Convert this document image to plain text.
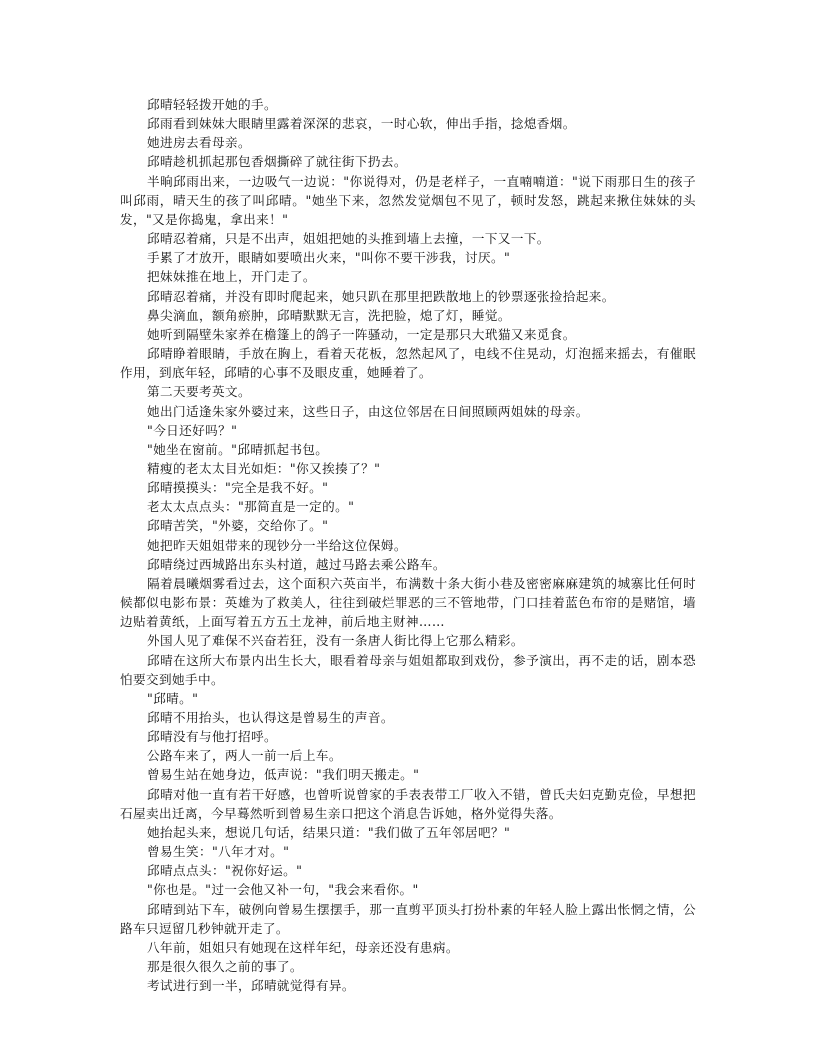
邱晴轻轻拨开她的手。

邱雨看到妹妹大眼睛里露着深深的悲哀，一时心软，伸出手指，捻熄香烟。

她进房去看母亲。

邱晴趁机抓起那包香烟撕碎了就往街下扔去。

半晌邱雨出来，一边吸气一边说："你说得对，仍是老样子，一直喃喃道："说下雨那日生的孩子叫邱雨，晴天生的孩了叫邱晴。"她坐下来，忽然发觉烟包不见了，顿时发怒，跳起来揪住妹妹的头发，"又是你捣鬼，拿出来！"

邱晴忍着痛，只是不出声，姐姐把她的头推到墙上去撞，一下又一下。

手累了才放开，眼睛如要喷出火来，"叫你不要干涉我，讨厌。"

把妹妹推在地上，开门走了。

邱晴忍着痛，并没有即时爬起来，她只趴在那里把跌散地上的钞票逐张捡拾起来。

鼻尖滴血，额角瘀肿，邱晴默默无言，洗把脸，熄了灯，睡觉。

她听到隔壁朱家养在檐篷上的鸽子一阵骚动，一定是那只大玳猫又来觅食。

邱晴睁着眼睛，手放在胸上，看着天花板，忽然起风了，电线不住晃动，灯泡摇来摇去，有催眠作用，到底年轻，邱晴的心事不及眼皮重，她睡着了。

第二天要考英文。

她出门适逢朱家外婆过来，这些日子，由这位邻居在日间照顾两姐妹的母亲。

"今日还好吗？"

"她坐在窗前。"邱晴抓起书包。

精瘦的老太太目光如炬："你又挨揍了？"

邱晴摸摸头："完全是我不好。"

老太太点点头："那简直是一定的。"

邱晴苦笑，"外婆，交给你了。"

她把昨天姐姐带来的现钞分一半给这位保姆。

邱晴绕过西城路出东头村道，越过马路去乘公路车。

隔着晨曦烟雾看过去，这个面积六英亩半，布满数十条大街小巷及密密麻麻建筑的城寨比任何时候都似电影布景：英雄为了救美人，往往到破烂罪恶的三不管地带，门口挂着蓝色布帘的是赌馆，墙边贴着黄纸，上面写着五方五土龙神，前后地主财神……

外国人见了难保不兴奋若狂，没有一条唐人街比得上它那么精彩。

邱晴在这所大布景内出生长大，眼看着母亲与姐姐都取到戏份，参予演出，再不走的话，剧本恐怕要交到她手中。

"邱晴。"

邱晴不用抬头，也认得这是曾易生的声音。

邱晴没有与他打招呼。

公路车来了，两人一前一后上车。

曾易生站在她身边，低声说："我们明天搬走。"

邱晴对他一直有若干好感，也曾听说曾家的手表表带工厂收入不错，曾氏夫妇克勤克俭，早想把石屋卖出迁离，今早蓦然听到曾易生亲口把这个消息告诉她，格外觉得失落。

她抬起头来，想说几句话，结果只道："我们做了五年邻居吧？"

曾易生笑："八年才对。"

邱晴点点头："祝你好运。"

"你也是。"过一会他又补一句，"我会来看你。"

邱晴到站下车，破例向曾易生摆摆手，那一直剪平顶头打扮朴素的年轻人脸上露出怅惘之情，公路车只逗留几秒钟就开走了。

八年前，姐姐只有她现在这样年纪，母亲还没有患病。

那是很久很久之前的事了。

考试进行到一半，邱晴就觉得有异。
